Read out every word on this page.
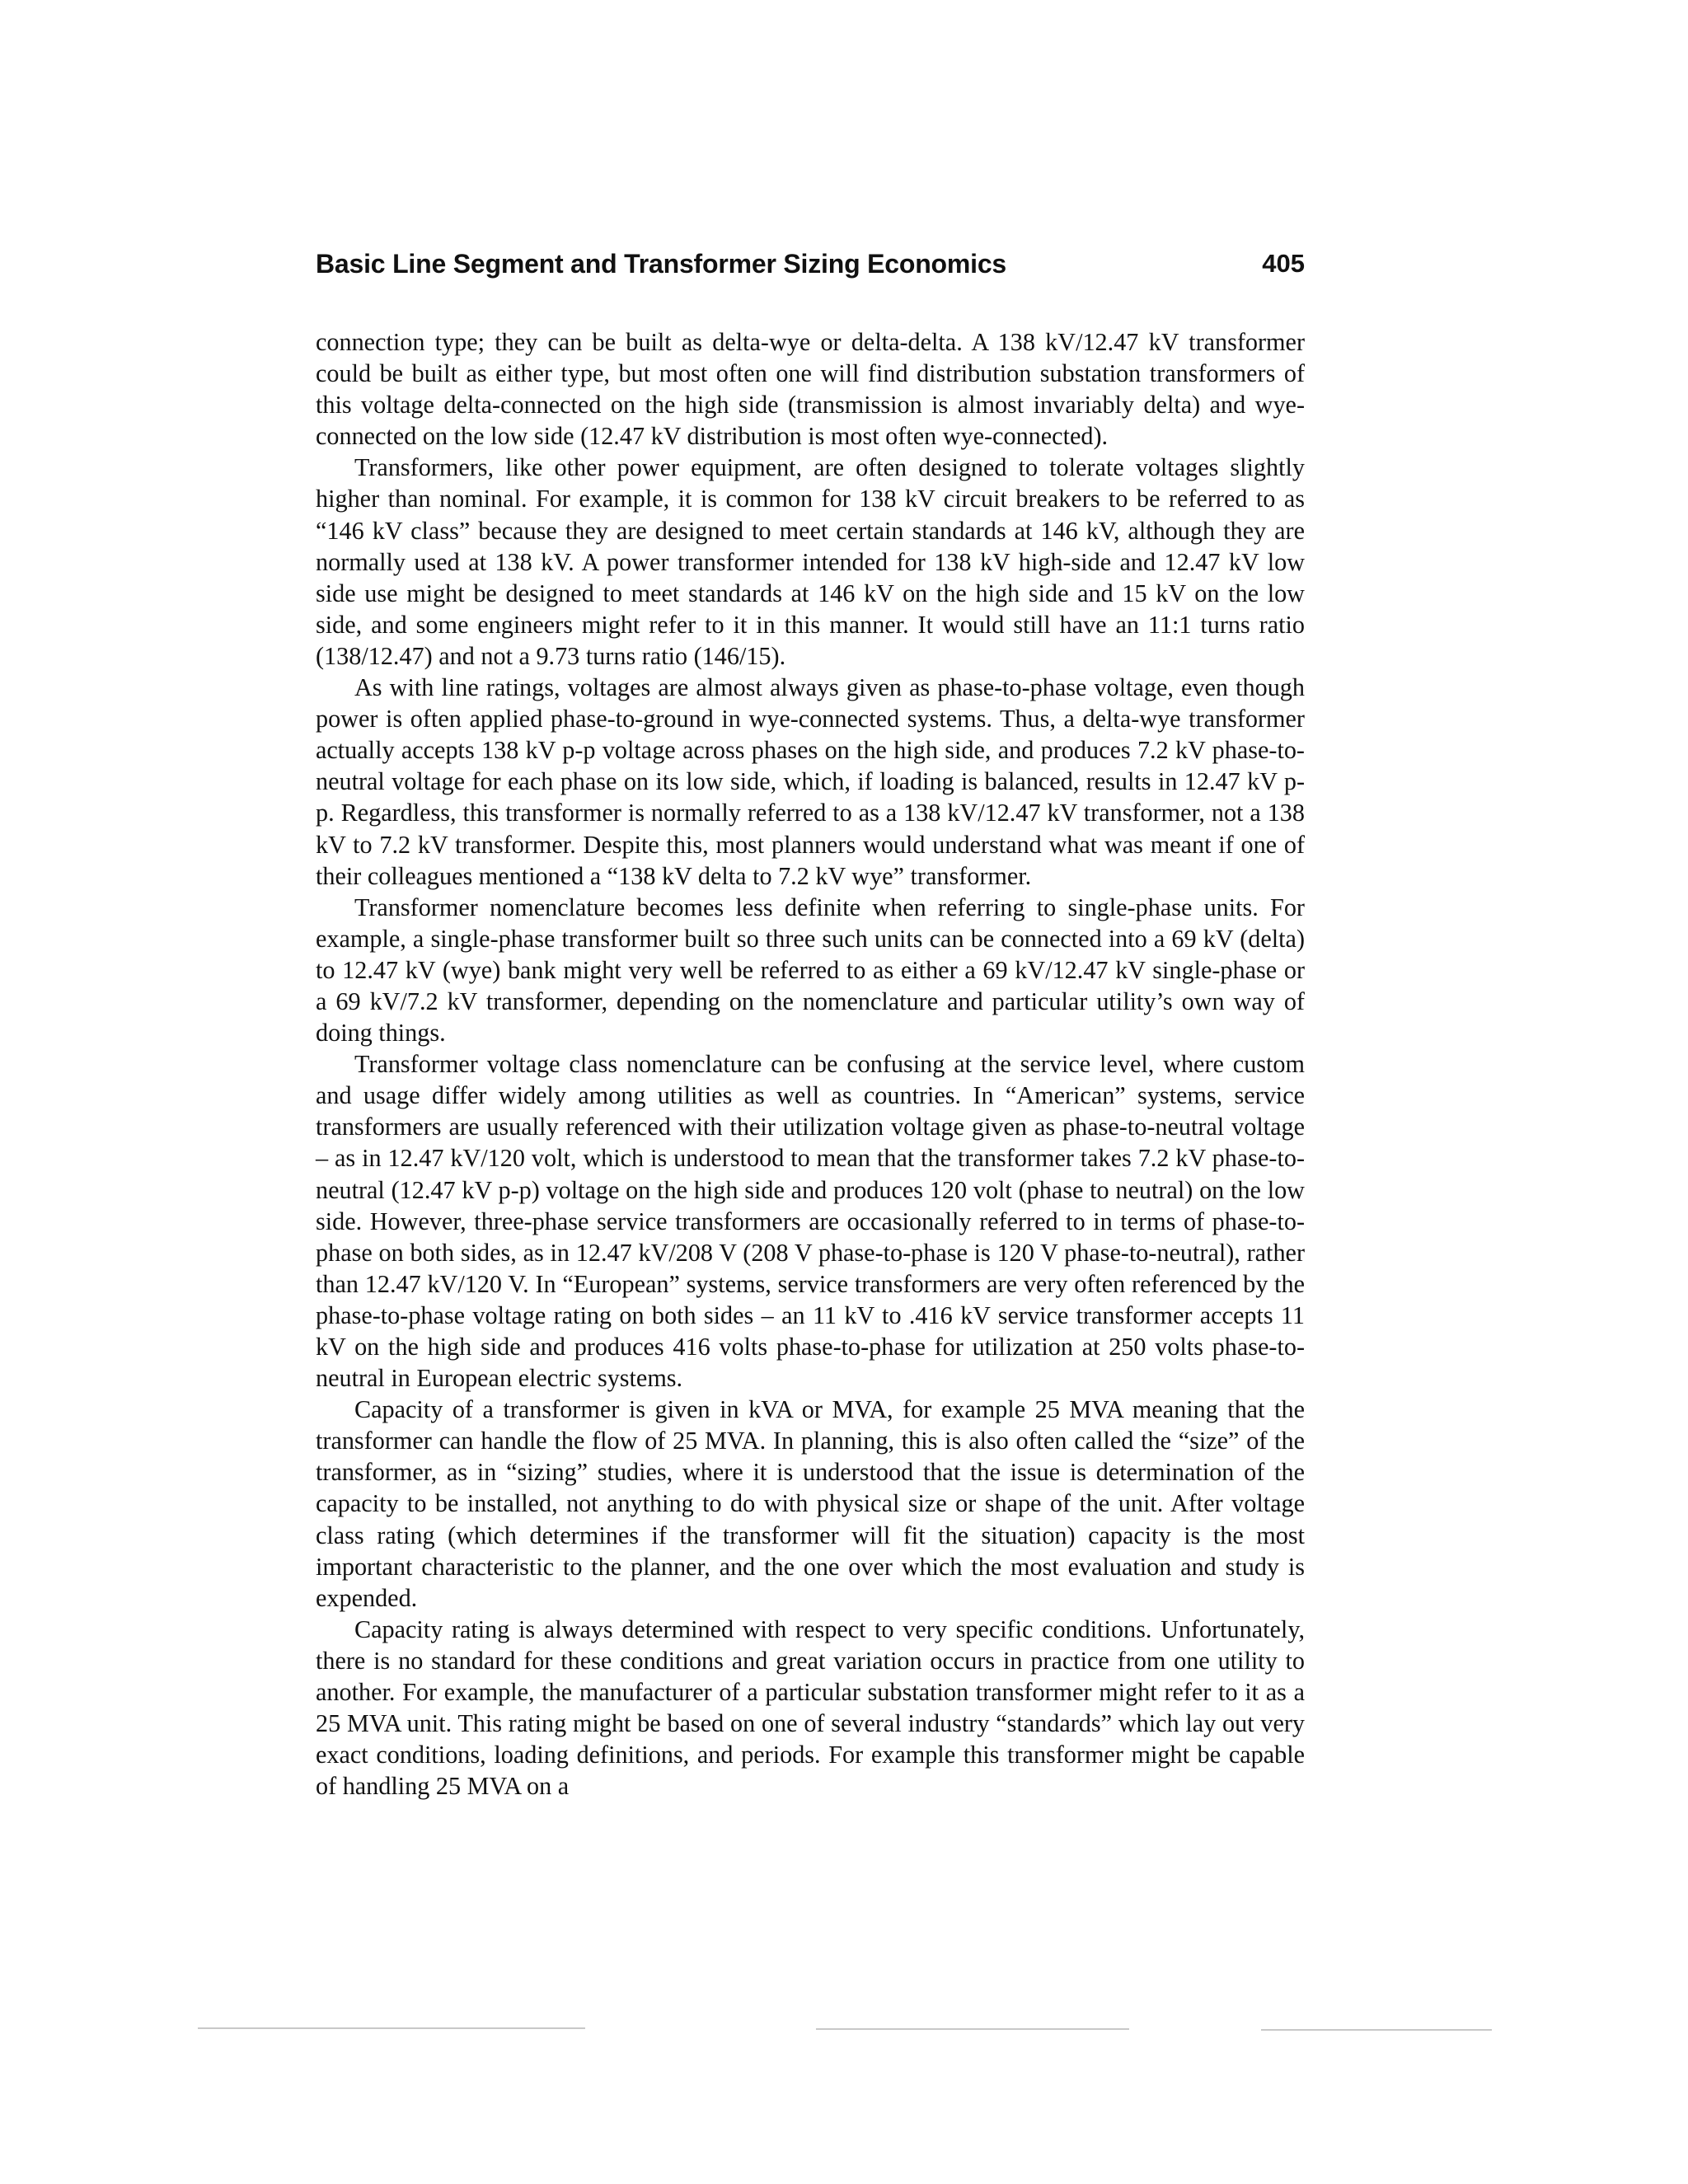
Basic Line Segment and Transformer Sizing Economics	405

connection type; they can be built as delta-wye or delta-delta. A 138 kV/12.47 kV transformer could be built as either type, but most often one will find distribution substation transformers of this voltage delta-connected on the high side (transmission is almost invariably delta) and wye-connected on the low side (12.47 kV distribution is most often wye-connected).

Transformers, like other power equipment, are often designed to tolerate voltages slightly higher than nominal. For example, it is common for 138 kV circuit breakers to be referred to as “146 kV class” because they are designed to meet certain standards at 146 kV, although they are normally used at 138 kV. A power transformer intended for 138 kV high-side and 12.47 kV low side use might be designed to meet standards at 146 kV on the high side and 15 kV on the low side, and some engineers might refer to it in this manner. It would still have an 11:1 turns ratio (138/12.47) and not a 9.73 turns ratio (146/15).

As with line ratings, voltages are almost always given as phase-to-phase voltage, even though power is often applied phase-to-ground in wye-connected systems. Thus, a delta-wye transformer actually accepts 138 kV p-p voltage across phases on the high side, and produces 7.2 kV phase-to-neutral voltage for each phase on its low side, which, if loading is balanced, results in 12.47 kV p-p. Regardless, this transformer is normally referred to as a 138 kV/12.47 kV transformer, not a 138 kV to 7.2 kV transformer. Despite this, most planners would understand what was meant if one of their colleagues mentioned a “138 kV delta to 7.2 kV wye” transformer.

Transformer nomenclature becomes less definite when referring to single-phase units. For example, a single-phase transformer built so three such units can be connected into a 69 kV (delta) to 12.47 kV (wye) bank might very well be referred to as either a 69 kV/12.47 kV single-phase or a 69 kV/7.2 kV transformer, depending on the nomenclature and particular utility’s own way of doing things.

Transformer voltage class nomenclature can be confusing at the service level, where custom and usage differ widely among utilities as well as countries. In “American” systems, service transformers are usually referenced with their utilization voltage given as phase-to-neutral voltage – as in 12.47 kV/120 volt, which is understood to mean that the transformer takes 7.2 kV phase-to-neutral (12.47 kV p-p) voltage on the high side and produces 120 volt (phase to neutral) on the low side. However, three-phase service transformers are occasionally referred to in terms of phase-to-phase on both sides, as in 12.47 kV/208 V (208 V phase-to-phase is 120 V phase-to-neutral), rather than 12.47 kV/120 V. In “European” systems, service transformers are very often referenced by the phase-to-phase voltage rating on both sides – an 11 kV to .416 kV service transformer accepts 11 kV on the high side and produces 416 volts phase-to-phase for utilization at 250 volts phase-to-neutral in European electric systems.

Capacity of a transformer is given in kVA or MVA, for example 25 MVA meaning that the transformer can handle the flow of 25 MVA. In planning, this is also often called the “size” of the transformer, as in “sizing” studies, where it is understood that the issue is determination of the capacity to be installed, not anything to do with physical size or shape of the unit. After voltage class rating (which determines if the transformer will fit the situation) capacity is the most important characteristic to the planner, and the one over which the most evaluation and study is expended.

Capacity rating is always determined with respect to very specific conditions. Unfortunately, there is no standard for these conditions and great variation occurs in practice from one utility to another. For example, the manufacturer of a particular substation transformer might refer to it as a 25 MVA unit. This rating might be based on one of several industry “standards” which lay out very exact conditions, loading definitions, and periods. For example this transformer might be capable of handling 25 MVA on a
